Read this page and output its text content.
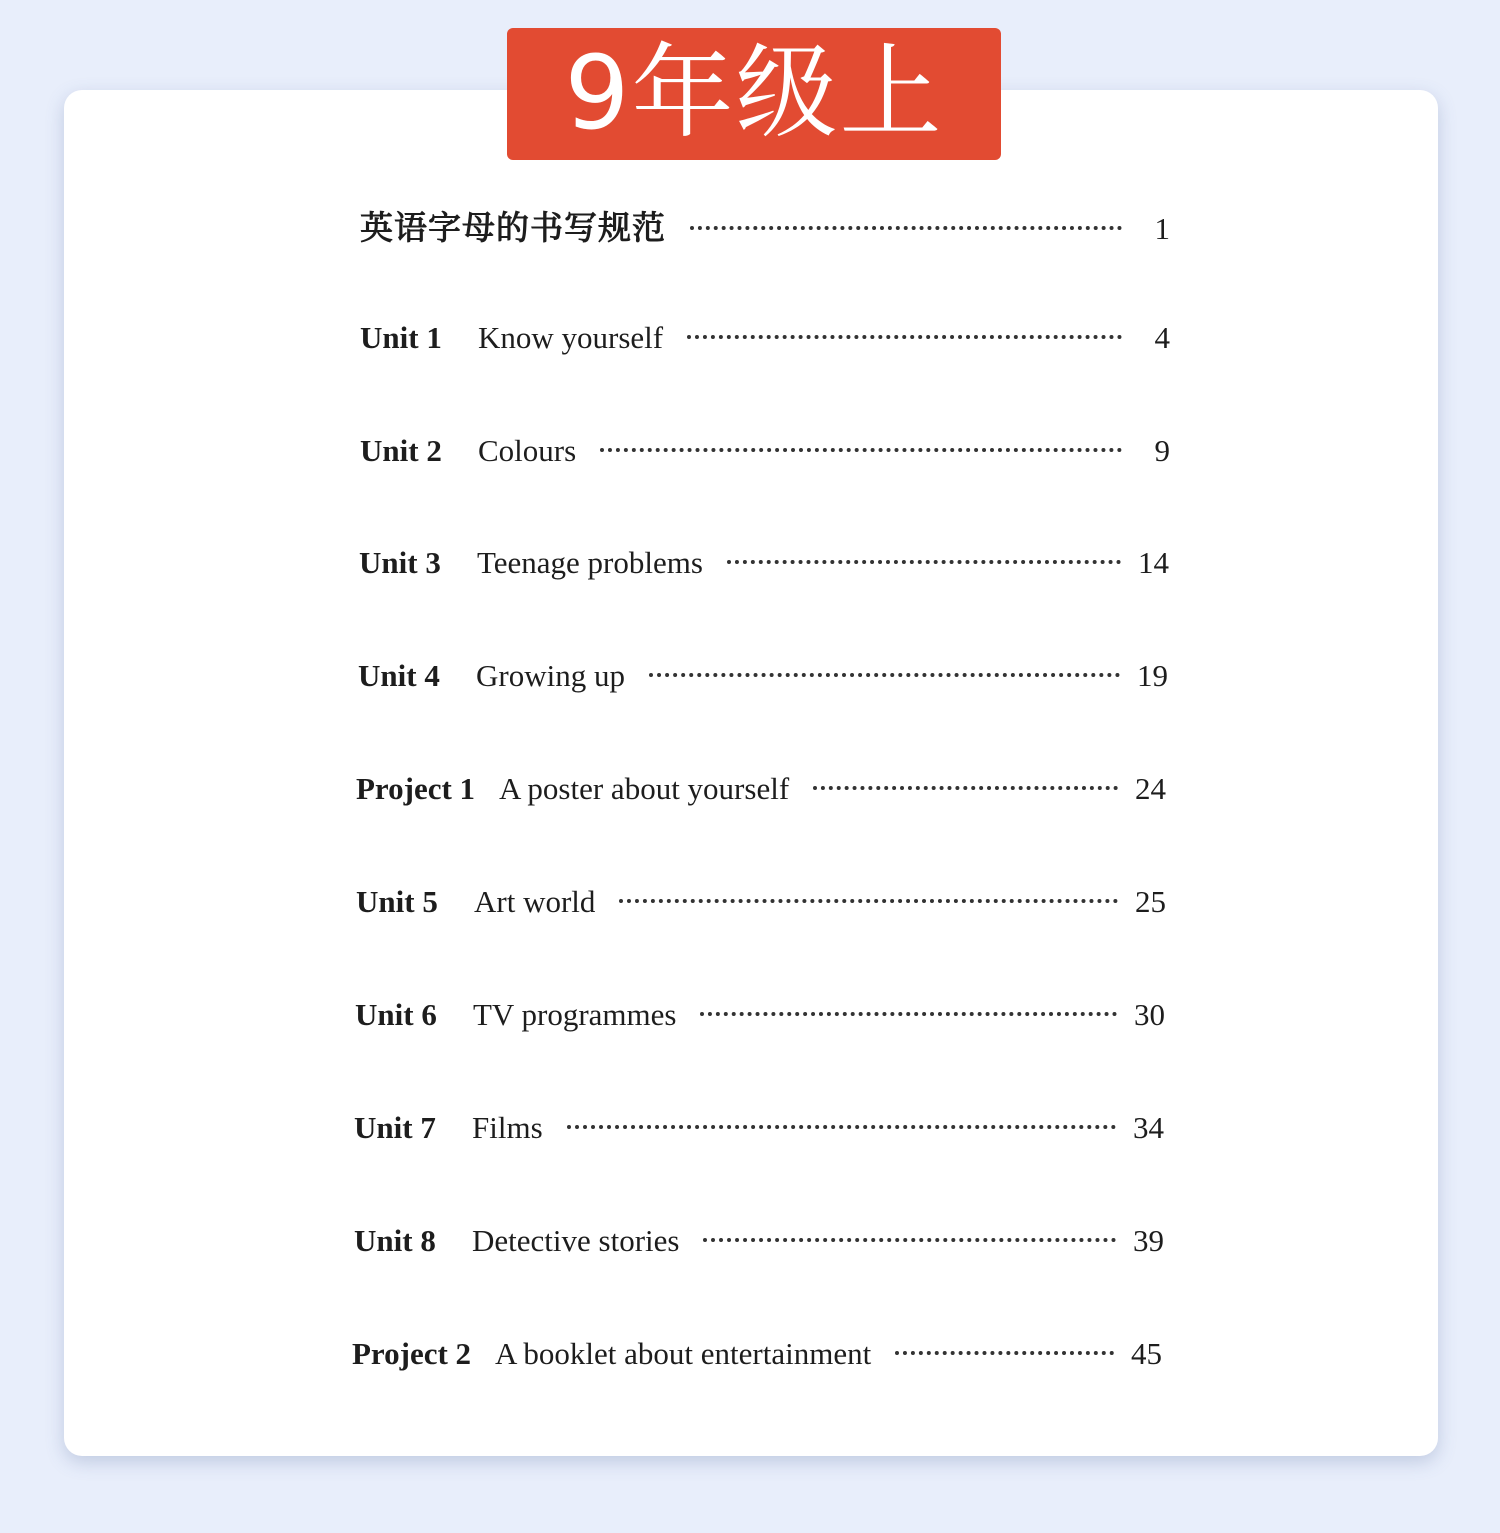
英语字母的书写规范	1
Unit 1	Know yourself	4
Unit 2	Colours	9
Unit 3	Teenage problems	14
Unit 4	Growing up	19
Project 1 A poster about yourself	24
Unit 5	Art world	25
Unit 6	TV programmes	30
Unit 7	Films	34
Unit 8	Detective stories	39
Project 2 A booklet about entertainment	45
9年级上
